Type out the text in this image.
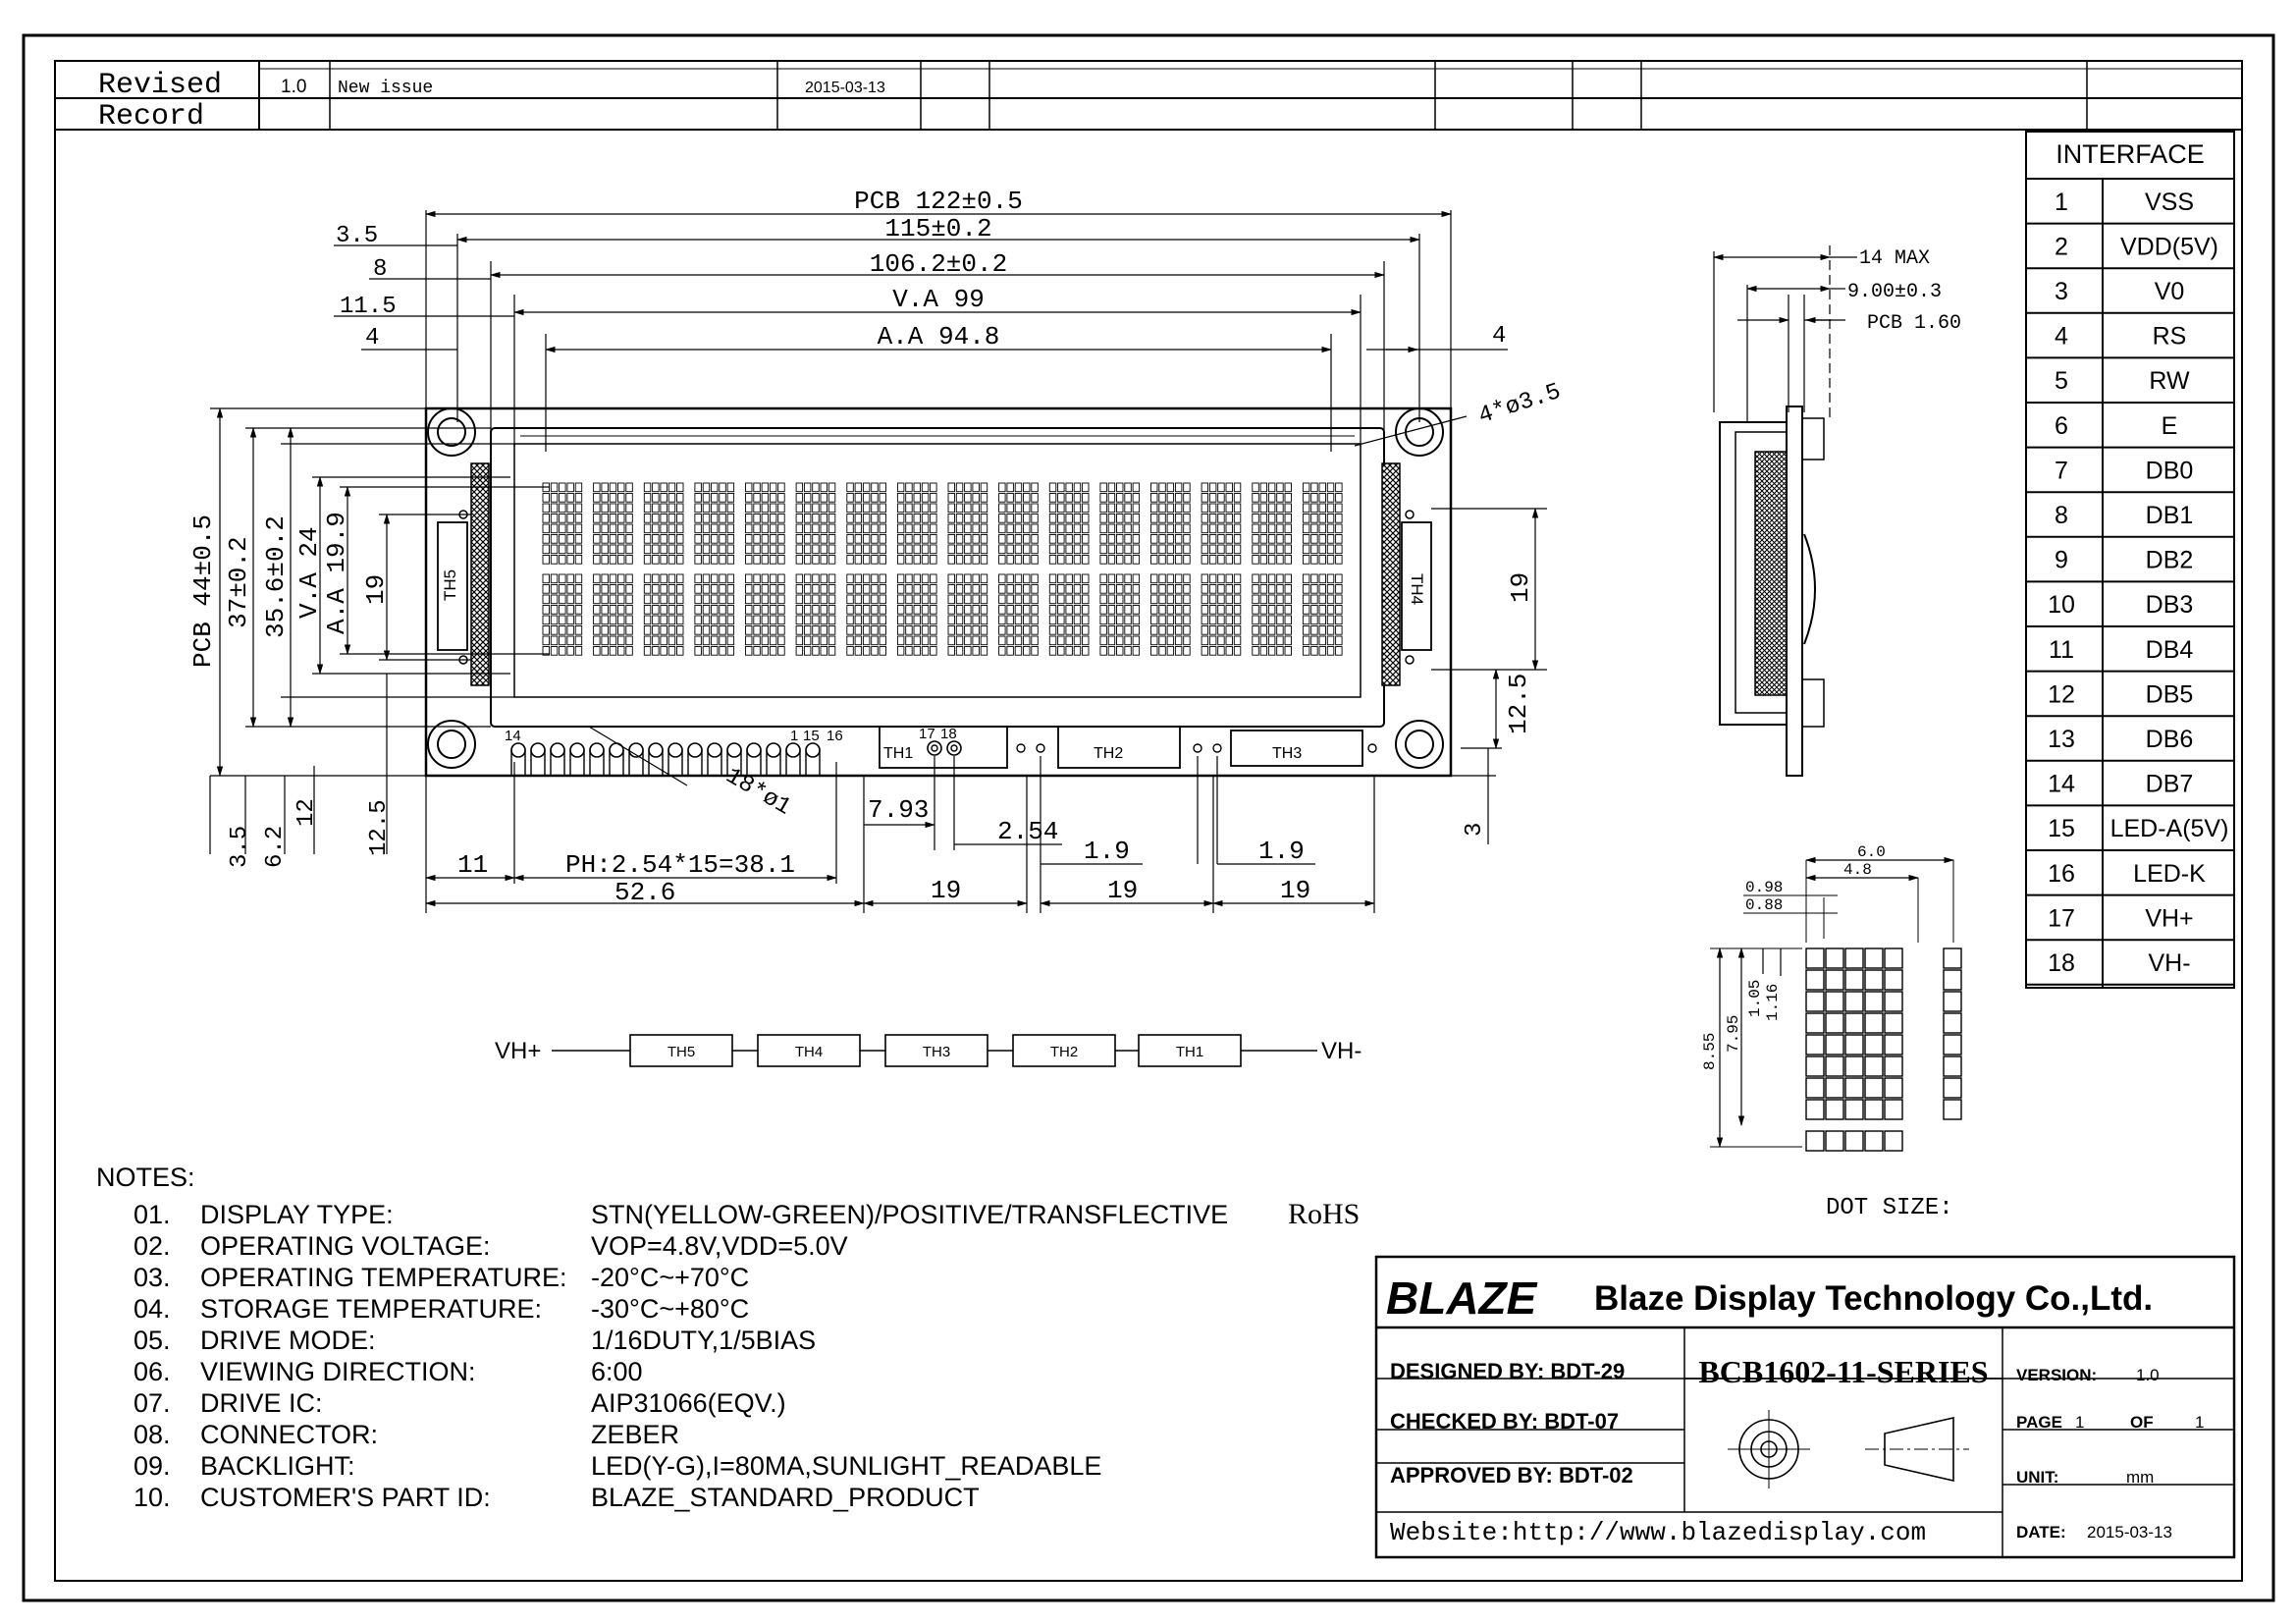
Revised
Record
1.0 New issue	2015-03-13
INTERFACE
1	VSS
2 VDD(5V)
3	V0
4	RS
5	RW
6	E
7	DB0
8	DB1
9	DB2
10	DB3
11	DB4
12	DB5
13	DB6
14	DB7
15 LED-A(5V)
16 LED-K
17	VH+
18	VH-
TH5	TH4
TH1	TH2	TH3
14	1 15 16	17 18
PCB 122±0.5
115±0.2
106.2±0.2
V.A 99
A.A 94.8
3.5
8
11.5
4	4
4*ø3.5
PCB 44±0.5 37±0.2 35.6±0.2 V.A 24
A.A 19.9 19
3.5 6.2
12 12.5
19
12.5
3
11	PH:2.54*15=38.1
52.6
7.93
2.54
1.9	1.9
19	19	19
18*ø1
14 MAX
9.00±0.3
PCB 1.60
6.0
4.8
0.98
0.88
1.05 1.16
8.55 7.95
DOT SIZE:
VH+	VH-
TH5	TH4	TH3	TH2	TH1
NOTES:
01. DISPLAY TYPE:	STN(YELLOW-GREEN)/POSITIVE/TRANSFLECTIVE RoHS
02. OPERATING VOLTAGE:	VOP=4.8V,VDD=5.0V
03. OPERATING TEMPERATURE: -20°C~+70°C
04. STORAGE TEMPERATURE: -30°C~+80°C
05. DRIVE MODE:	1/16DUTY,1/5BIAS
06. VIEWING DIRECTION:	6:00
07. DRIVE IC:	AIP31066(EQV.)
08. CONNECTOR:	ZEBER
09. BACKLIGHT:	LED(Y-G),I=80MA,SUNLIGHT_READABLE
10. CUSTOMER'S PART ID:	BLAZE_STANDARD_PRODUCT
BLAZE Blaze Display Technology Co.,Ltd.
DESIGNED BY: BDT-29
CHECKED BY: BDT-07
APPROVED BY: BDT-02
Website:http://www.blazedisplay.com
BCB1602-11-SERIES VERSION: 1.0
PAGE 1	OF 1
UNIT:	mm
DATE: 2015-03-13
